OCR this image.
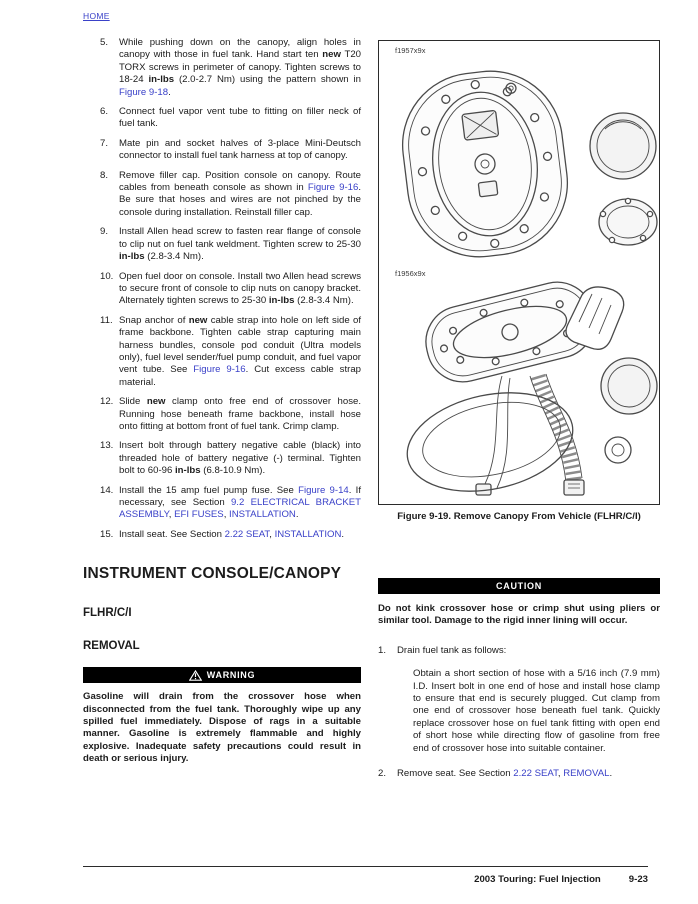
HOME
5.	While pushing down on the canopy, align holes in canopy with those in fuel tank. Hand start ten new T20 TORX screws in perimeter of canopy. Tighten screws to 18-24 in-lbs (2.0-2.7 Nm) using the pattern shown in Figure 9-18.
6.	Connect fuel vapor vent tube to fitting on filler neck of fuel tank.
7.	Mate pin and socket halves of 3-place Mini-Deutsch connector to install fuel tank harness at top of canopy.
8.	Remove filler cap. Position console on canopy. Route cables from beneath console as shown in Figure 9-16. Be sure that hoses and wires are not pinched by the console during installation. Reinstall filler cap.
9.	Install Allen head screw to fasten rear flange of console to clip nut on fuel tank weldment. Tighten screw to 25-30 in-lbs (2.8-3.4 Nm).
10. Open fuel door on console. Install two Allen head screws to secure front of console to clip nuts on canopy bracket. Alternately tighten screws to 25-30 in-lbs (2.8-3.4 Nm).
11. Snap anchor of new cable strap into hole on left side of frame backbone. Tighten cable strap capturing main harness bundles, console pod conduit (Ultra models only), fuel level sender/fuel pump conduit, and fuel vapor vent tube. See Figure 9-16. Cut excess cable strap material.
12. Slide new clamp onto free end of crossover hose. Running hose beneath frame backbone, install hose onto fitting at bottom front of fuel tank. Crimp clamp.
13. Insert bolt through battery negative cable (black) into threaded hole of battery negative (-) terminal. Tighten bolt to 60-96 in-lbs (6.8-10.9 Nm).
14. Install the 15 amp fuel pump fuse. See Figure 9-14. If necessary, see Section 9.2 ELECTRICAL BRACKET ASSEMBLY, EFI FUSES, INSTALLATION.
15. Install seat. See Section 2.22 SEAT, INSTALLATION.
INSTRUMENT CONSOLE/CANOPY
FLHR/C/I
REMOVAL
WARNING
Gasoline will drain from the crossover hose when disconnected from the fuel tank. Thoroughly wipe up any spilled fuel immediately. Dispose of rags in a suitable manner. Gasoline is extremely flammable and highly explosive. Inadequate safety precautions could result in death or serious injury.
f1957x9x
f1956x9x
Figure 9-19. Remove Canopy From Vehicle (FLHR/C/I)
CAUTION
Do not kink crossover hose or crimp shut using pliers or similar tool. Damage to the rigid inner lining will occur.
1.	Drain fuel tank as follows:
Obtain a short section of hose with a 5/16 inch (7.9 mm) I.D. Insert bolt in one end of hose and install hose clamp to ensure that end is securely plugged. Cut clamp from one end of crossover hose beneath fuel tank. Quickly replace crossover hose on fuel tank fitting with open end of short hose while directing flow of gasoline from free end of crossover hose into suitable container.
2.	Remove seat. See Section 2.22 SEAT, REMOVAL.
2003 Touring: Fuel Injection	9-23
